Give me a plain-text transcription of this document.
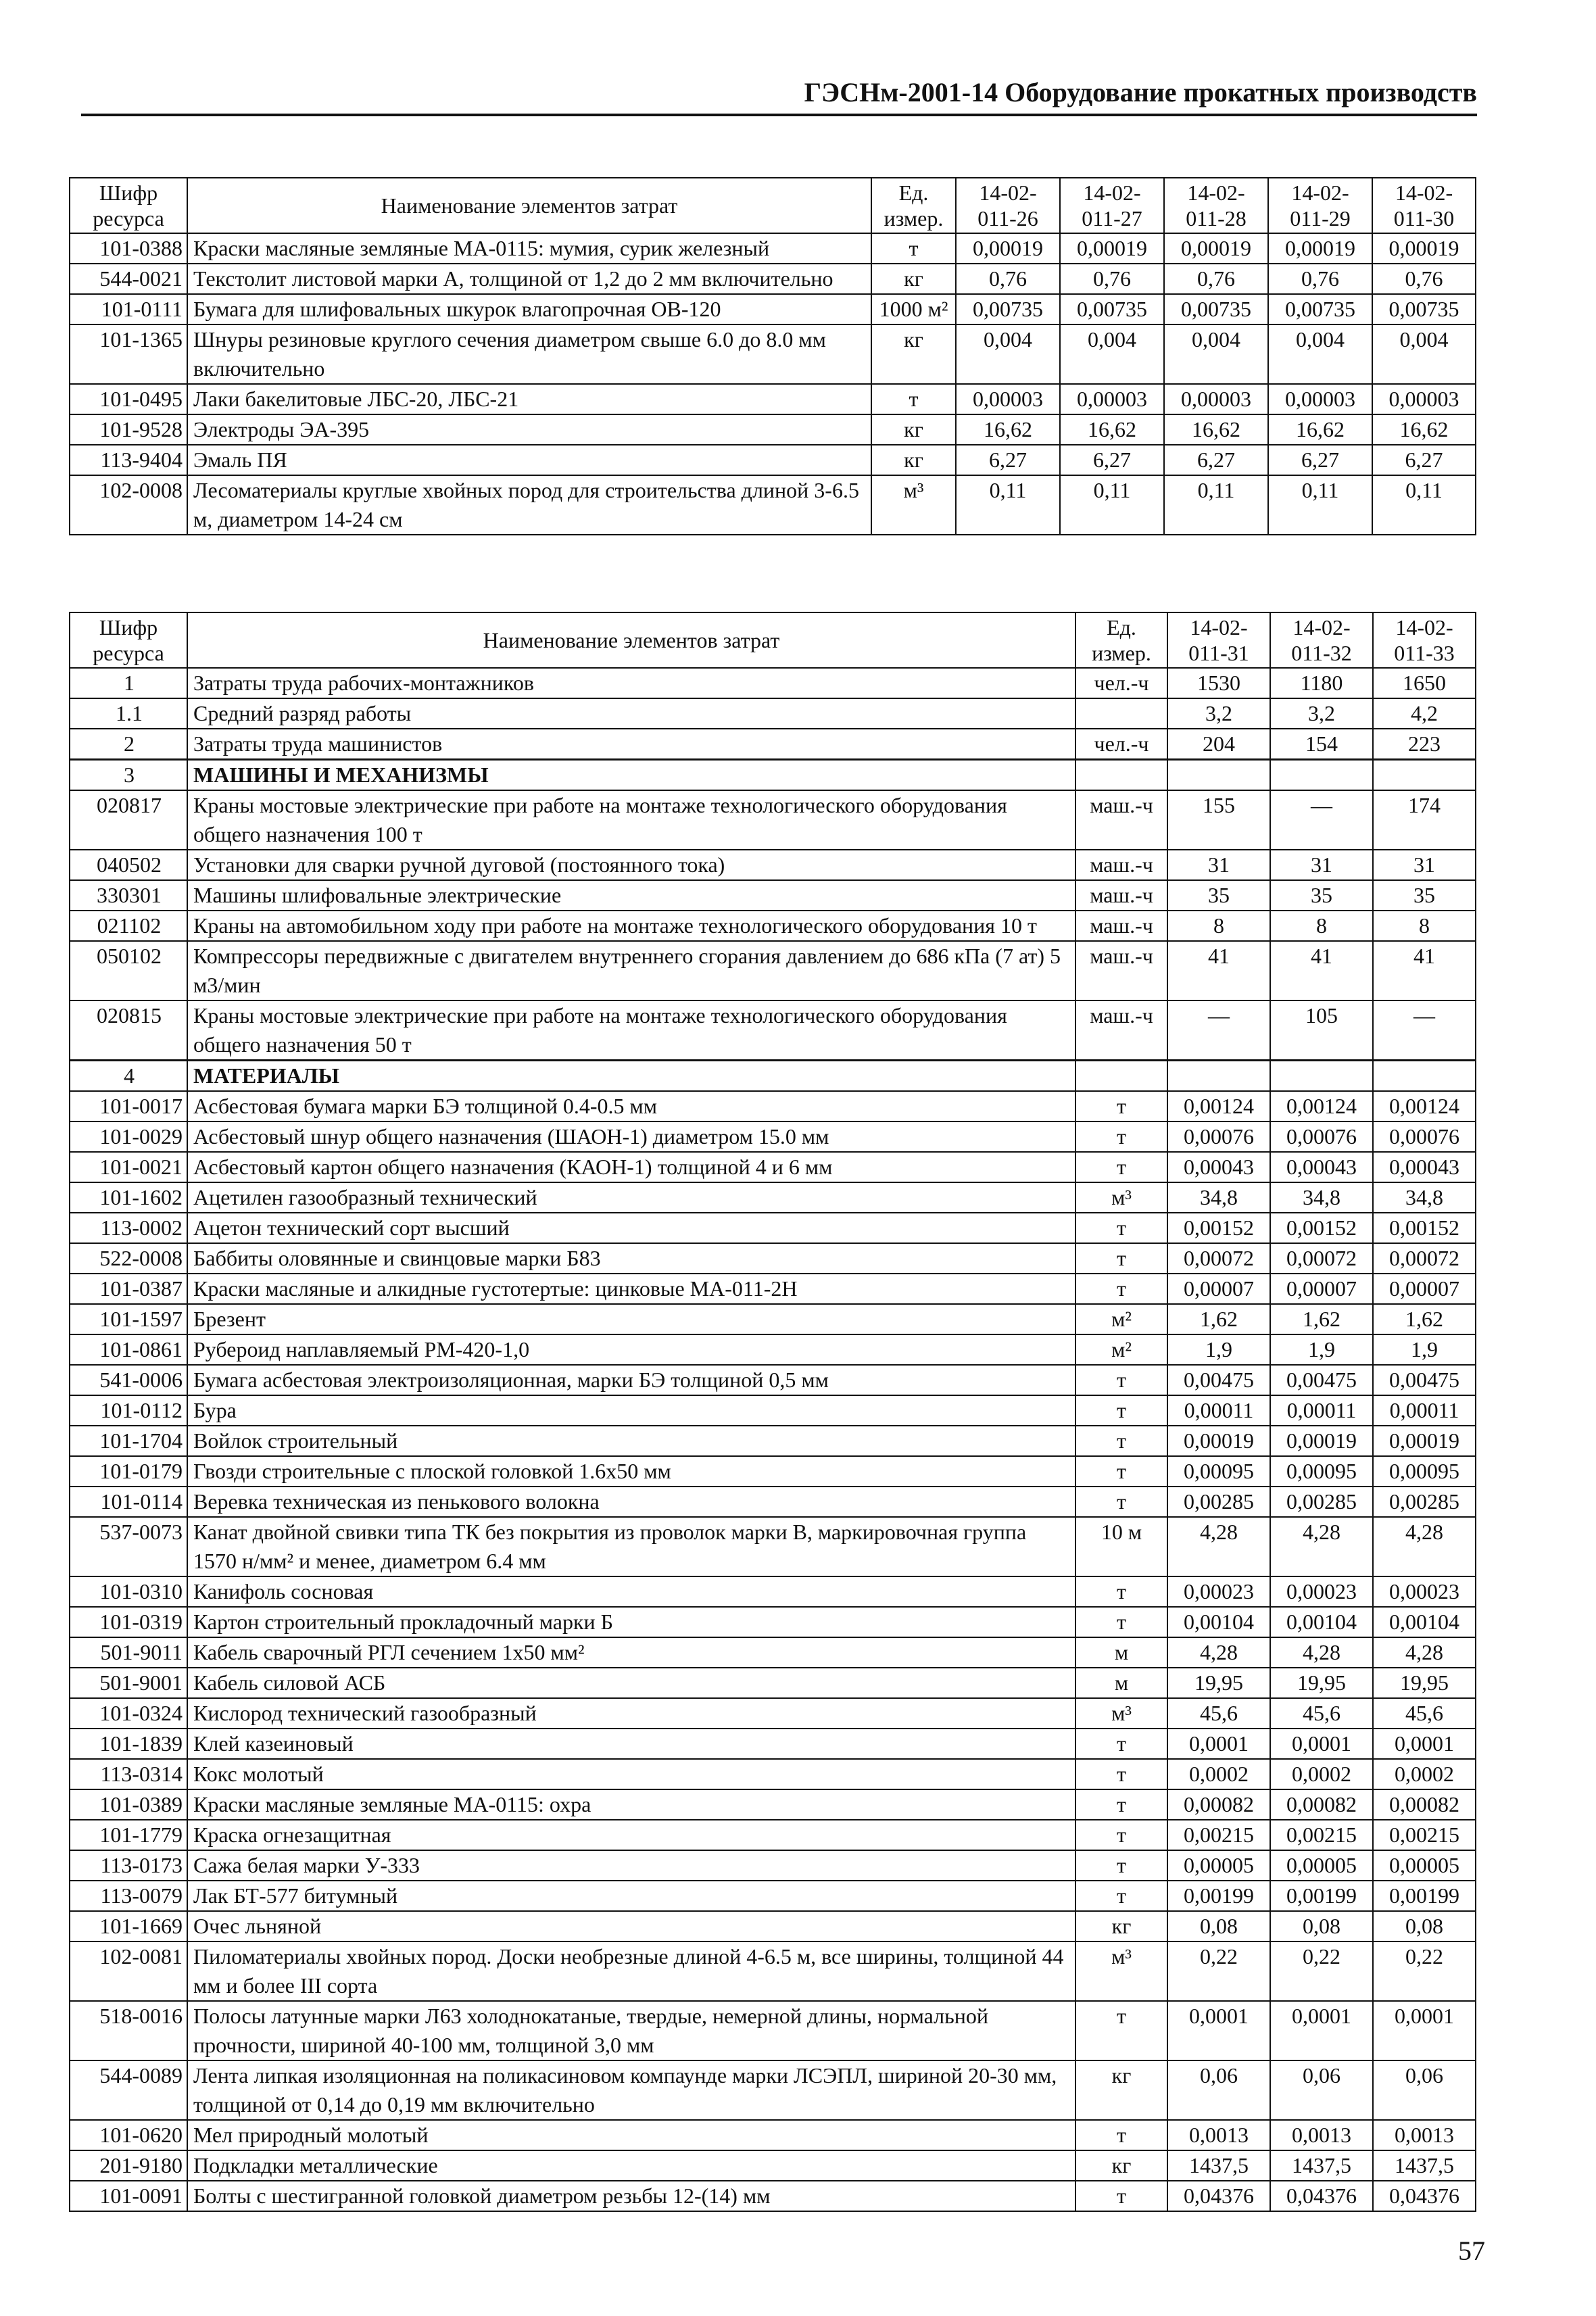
ГЭСНм-2001-14 Оборудование прокатных производств
Шифр ресурса	Наименование элементов затрат	Ед. измер.	14-02-011-26	14-02-011-27	14-02-011-28	14-02-011-29	14-02-011-30
101-0388	Краски масляные земляные МА-0115: мумия, сурик железный	т	0,00019	0,00019	0,00019	0,00019	0,00019
544-0021	Текстолит листовой марки А, толщиной от 1,2 до 2 мм включительно	кг	0,76	0,76	0,76	0,76	0,76
101-0111	Бумага для шлифовальных шкурок влагопрочная ОВ-120	1000 м²	0,00735	0,00735	0,00735	0,00735	0,00735
101-1365	Шнуры резиновые круглого сечения диаметром свыше 6.0 до 8.0 мм включительно	кг	0,004	0,004	0,004	0,004	0,004
101-0495	Лаки бакелитовые ЛБС-20, ЛБС-21	т	0,00003	0,00003	0,00003	0,00003	0,00003
101-9528	Электроды ЭА-395	кг	16,62	16,62	16,62	16,62	16,62
113-9404	Эмаль ПЯ	кг	6,27	6,27	6,27	6,27	6,27
102-0008	Лесоматериалы круглые хвойных пород для строительства длиной 3-6.5 м, диаметром 14-24 см	м³	0,11	0,11	0,11	0,11	0,11
Шифр ресурса	Наименование элементов затрат	Ед. измер.	14-02-011-31	14-02-011-32	14-02-011-33
1	Затраты труда рабочих-монтажников	чел.-ч	1530	1180	1650
1.1	Средний разряд работы		3,2	3,2	4,2
2	Затраты труда машинистов	чел.-ч	204	154	223
3	МАШИНЫ И МЕХАНИЗМЫ				
020817	Краны мостовые электрические при работе на монтаже технологического оборудования общего назначения 100 т	маш.-ч	155	—	174
040502	Установки для сварки ручной дуговой (постоянного тока)	маш.-ч	31	31	31
330301	Машины шлифовальные электрические	маш.-ч	35	35	35
021102	Краны на автомобильном ходу при работе на монтаже технологического оборудования 10 т	маш.-ч	8	8	8
050102	Компрессоры передвижные с двигателем внутреннего сгорания давлением до 686 кПа (7 ат) 5 м3/мин	маш.-ч	41	41	41
020815	Краны мостовые электрические при работе на монтаже технологического оборудования общего назначения 50 т	маш.-ч	—	105	—
4	МАТЕРИАЛЫ				
101-0017	Асбестовая бумага марки БЭ толщиной 0.4-0.5 мм	т	0,00124	0,00124	0,00124
101-0029	Асбестовый шнур общего назначения (ШАОН-1) диаметром 15.0 мм	т	0,00076	0,00076	0,00076
101-0021	Асбестовый картон общего назначения (КАОН-1) толщиной 4 и 6 мм	т	0,00043	0,00043	0,00043
101-1602	Ацетилен газообразный технический	м³	34,8	34,8	34,8
113-0002	Ацетон технический сорт высший	т	0,00152	0,00152	0,00152
522-0008	Баббиты оловянные и свинцовые марки Б83	т	0,00072	0,00072	0,00072
101-0387	Краски масляные и алкидные густотертые: цинковые МА-011-2Н	т	0,00007	0,00007	0,00007
101-1597	Брезент	м²	1,62	1,62	1,62
101-0861	Рубероид наплавляемый РМ-420-1,0	м²	1,9	1,9	1,9
541-0006	Бумага асбестовая электроизоляционная, марки БЭ толщиной 0,5 мм	т	0,00475	0,00475	0,00475
101-0112	Бура	т	0,00011	0,00011	0,00011
101-1704	Войлок строительный	т	0,00019	0,00019	0,00019
101-0179	Гвозди строительные с плоской головкой 1.6x50 мм	т	0,00095	0,00095	0,00095
101-0114	Веревка техническая из пенькового волокна	т	0,00285	0,00285	0,00285
537-0073	Канат двойной свивки типа ТК без покрытия из проволок марки В, маркировочная группа 1570 н/мм² и менее, диаметром 6.4 мм	10 м	4,28	4,28	4,28
101-0310	Канифоль сосновая	т	0,00023	0,00023	0,00023
101-0319	Картон строительный прокладочный марки Б	т	0,00104	0,00104	0,00104
501-9011	Кабель сварочный РГЛ сечением 1x50 мм²	м	4,28	4,28	4,28
501-9001	Кабель силовой АСБ	м	19,95	19,95	19,95
101-0324	Кислород технический газообразный	м³	45,6	45,6	45,6
101-1839	Клей казеиновый	т	0,0001	0,0001	0,0001
113-0314	Кокс молотый	т	0,0002	0,0002	0,0002
101-0389	Краски масляные земляные МА-0115: охра	т	0,00082	0,00082	0,00082
101-1779	Краска огнезащитная	т	0,00215	0,00215	0,00215
113-0173	Сажа белая марки У-333	т	0,00005	0,00005	0,00005
113-0079	Лак БТ-577 битумный	т	0,00199	0,00199	0,00199
101-1669	Очес льняной	кг	0,08	0,08	0,08
102-0081	Пиломатериалы хвойных пород. Доски необрезные длиной 4-6.5 м, все ширины, толщиной 44 мм и более III сорта	м³	0,22	0,22	0,22
518-0016	Полосы латунные марки Л63 холоднокатаные, твердые, немерной длины, нормальной прочности, шириной 40-100 мм, толщиной 3,0 мм	т	0,0001	0,0001	0,0001
544-0089	Лента липкая изоляционная на поликасиновом компаунде марки ЛСЭПЛ, шириной 20-30 мм, толщиной от 0,14 до 0,19 мм включительно	кг	0,06	0,06	0,06
101-0620	Мел природный молотый	т	0,0013	0,0013	0,0013
201-9180	Подкладки металлические	кг	1437,5	1437,5	1437,5
101-0091	Болты с шестигранной головкой диаметром резьбы 12-(14) мм	т	0,04376	0,04376	0,04376
57
